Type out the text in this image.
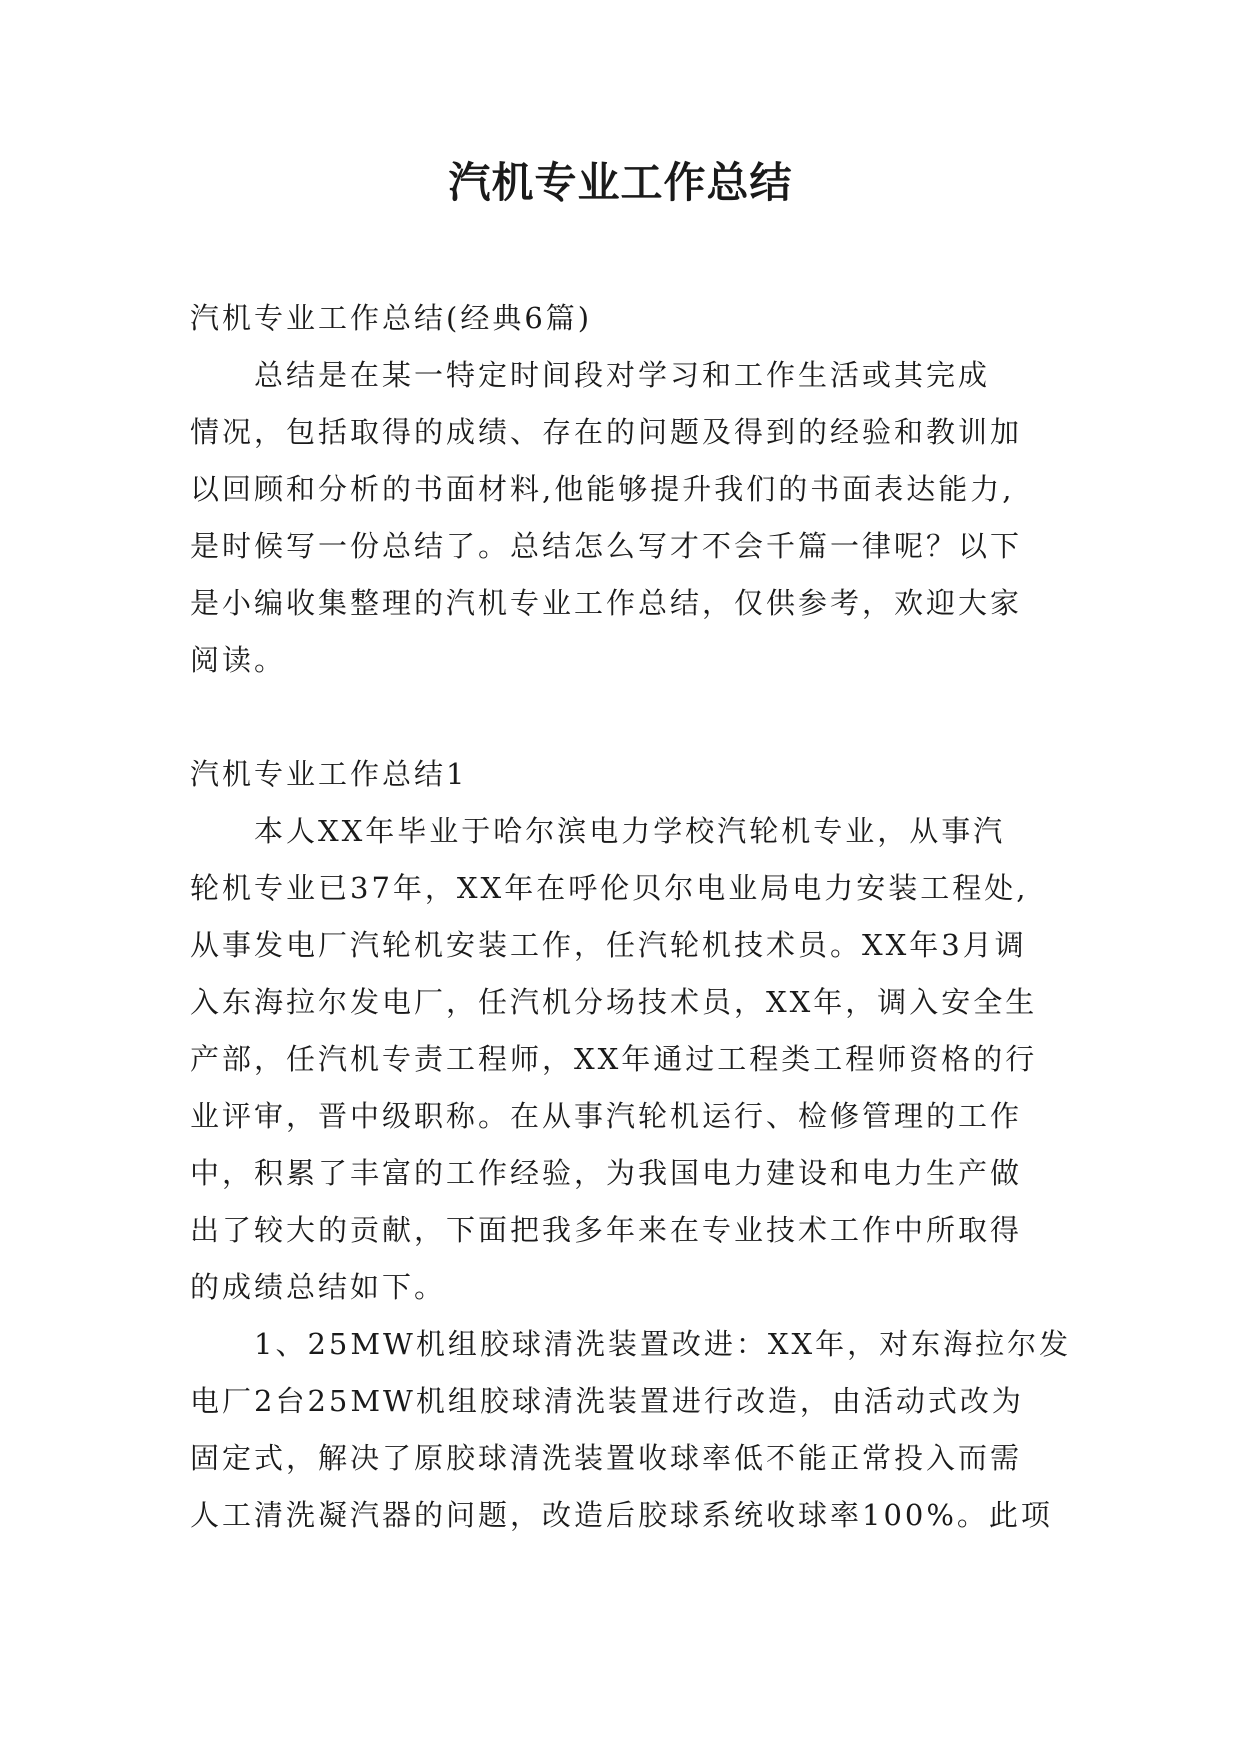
汽机专业工作总结

汽机专业工作总结(经典6篇)

　　总结是在某一特定时间段对学习和工作生活或其完成

情况，包括取得的成绩、存在的问题及得到的经验和教训加

以回顾和分析的书面材料,他能够提升我们的书面表达能力,

是时候写一份总结了。总结怎么写才不会千篇一律呢？以下

是小编收集整理的汽机专业工作总结，仅供参考，欢迎大家

阅读。

汽机专业工作总结1

　　本人XX年毕业于哈尔滨电力学校汽轮机专业，从事汽

轮机专业已37年，XX年在呼伦贝尔电业局电力安装工程处,

从事发电厂汽轮机安装工作，任汽轮机技术员。XX年3月调

入东海拉尔发电厂，任汽机分场技术员，XX年，调入安全生

产部，任汽机专责工程师，XX年通过工程类工程师资格的行

业评审，晋中级职称。在从事汽轮机运行、检修管理的工作

中，积累了丰富的工作经验，为我国电力建设和电力生产做

出了较大的贡献，下面把我多年来在专业技术工作中所取得

的成绩总结如下。

　　1、25MW机组胶球清洗装置改进：XX年，对东海拉尔发

电厂2台25MW机组胶球清洗装置进行改造，由活动式改为

固定式，解决了原胶球清洗装置收球率低不能正常投入而需

人工清洗凝汽器的问题，改造后胶球系统收球率100%。此项
